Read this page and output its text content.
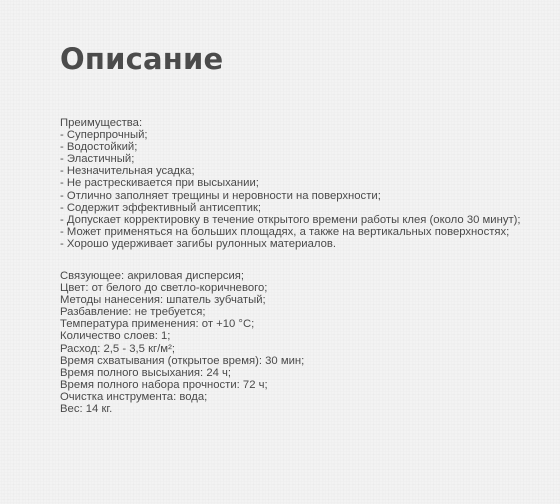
Описание
Преимущества:
- Суперпрочный;
- Водостойкий;
- Эластичный;
- Незначительная усадка;
- Не растрескивается при высыхании;
- Отлично заполняет трещины и неровности на поверхности;
- Содержит эффективный антисептик;
- Допускает корректировку в течение открытого времени работы клея (около 30 минут);
- Может применяться на больших площадях, а также на вертикальных поверхностях;
- Хорошо удерживает загибы рулонных материалов.
Связующее: акриловая дисперсия;
Цвет: от белого до светло-коричневого;
Методы нанесения: шпатель зубчатый;
Разбавление: не требуется;
Температура применения: от +10 °С;
Количество слоев: 1;
Расход: 2,5 - 3,5 кг/м²;
Время схватывания (открытое время): 30 мин;
Время полного высыхания: 24 ч;
Время полного набора прочности: 72 ч;
Очистка инструмента: вода;
Вес: 14 кг.
